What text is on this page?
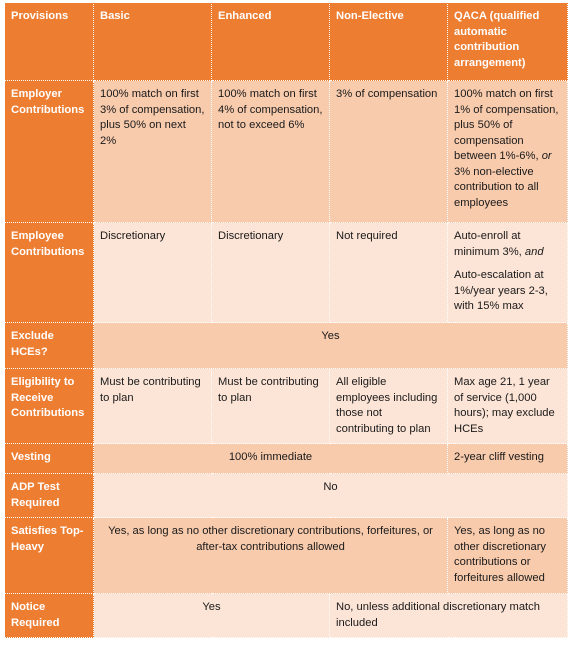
Provisions	Basic	Enhanced	Non-Elective	QACA (qualified automatic contribution arrangement)
Employer Contributions	100% match on first 3% of compensation, plus 50% on next 2%	100% match on first 4% of compensation, not to exceed 6%	3% of compensation	100% match on first 1% of compensation, plus 50% of compensation between 1%-6%, or 3% non-elective contribution to all employees
Employee Contributions	Discretionary	Discretionary	Not required	Auto-enroll at minimum 3%, and
Auto-escalation at 1%/year years 2-3, with 15% max

Exclude HCEs?	Yes			
Eligibility to Receive Contributions	Must be contributing to plan	Must be contributing to plan	All eligible employees including those not contributing to plan	Max age 21, 1 year of service (1,000 hours); may exclude HCEs
Vesting	100% immediate			2-year cliff vesting
ADP Test Required	No			
Satisfies Top-Heavy	Yes, as long as no other discretionary contributions, forfeitures, or after-tax contributions allowed			Yes, as long as no other discretionary contributions or forfeitures allowed
Notice Required	Yes		No, unless additional discretionary match included	
